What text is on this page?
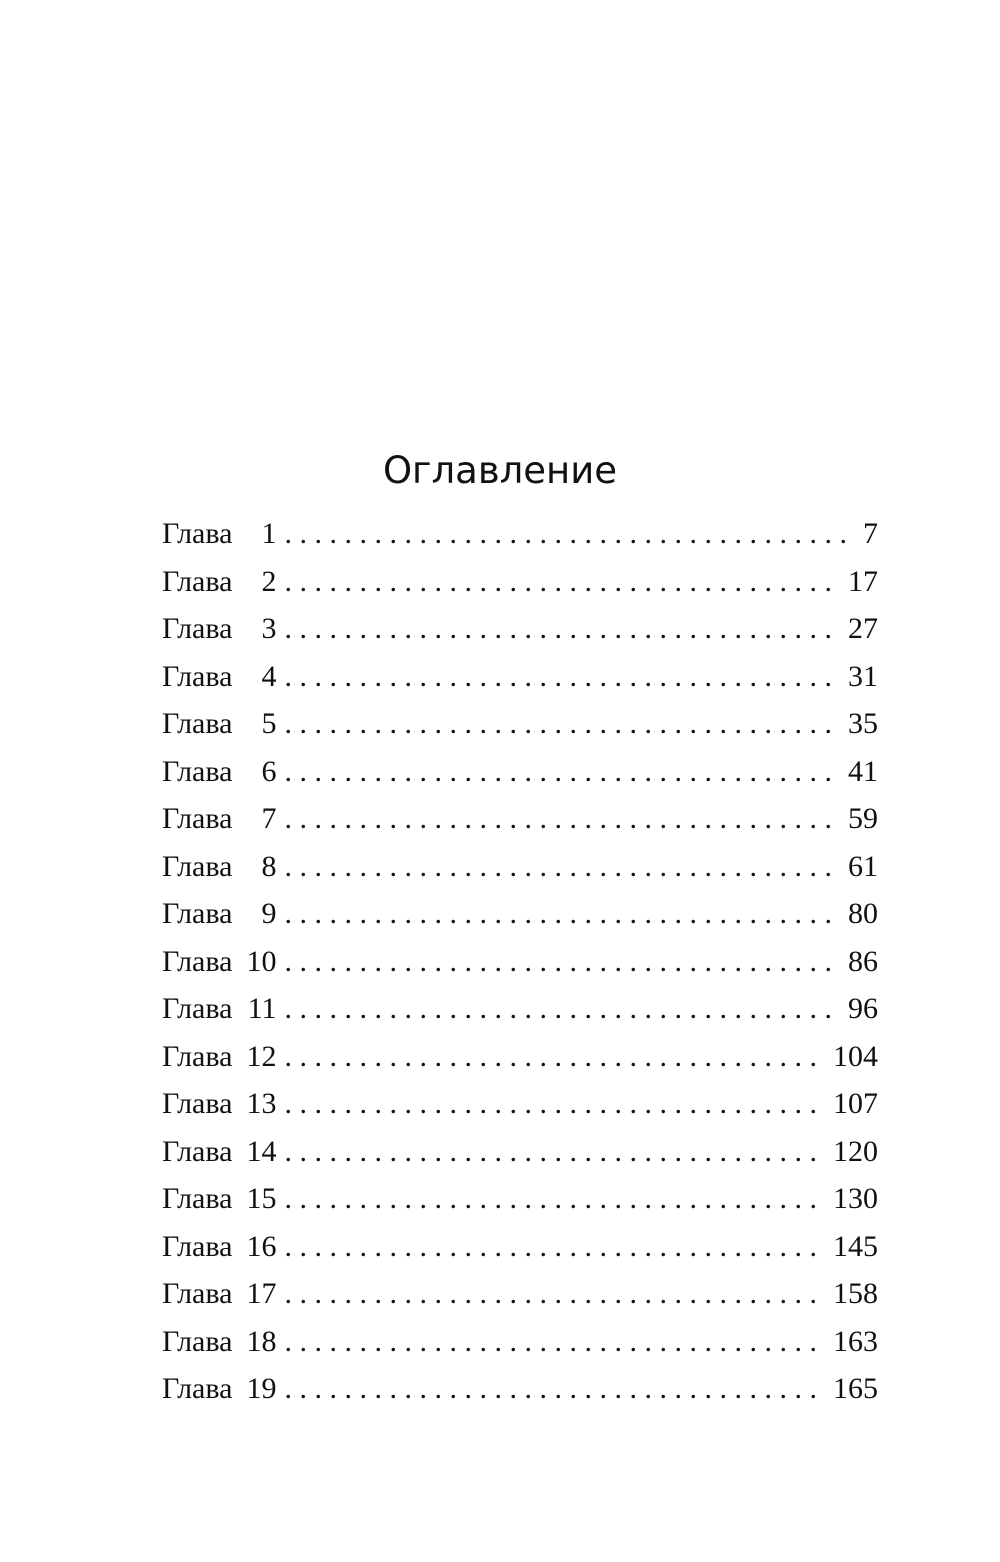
Оглавление
Глава 1 . . .	7
Глава 2 . . .	17
Глава 3 . . .	27
Глава 4 . . .	31
Глава 5 . . .	35
Глава 6 . . .	41
Глава 7 . . .	59
Глава 8 . . .	61
Глава 9 . . .	80
Глава 10 . . .	86
Глава 11 . . .	96
Глава 12 . . .	104
Глава 13 . . .	107
Глава 14 . . .	120
Глава 15 . . .	130
Глава 16 . . .	145
Глава 17 . . .	158
Глава 18 . . .	163
Глава 19 . . .	165
